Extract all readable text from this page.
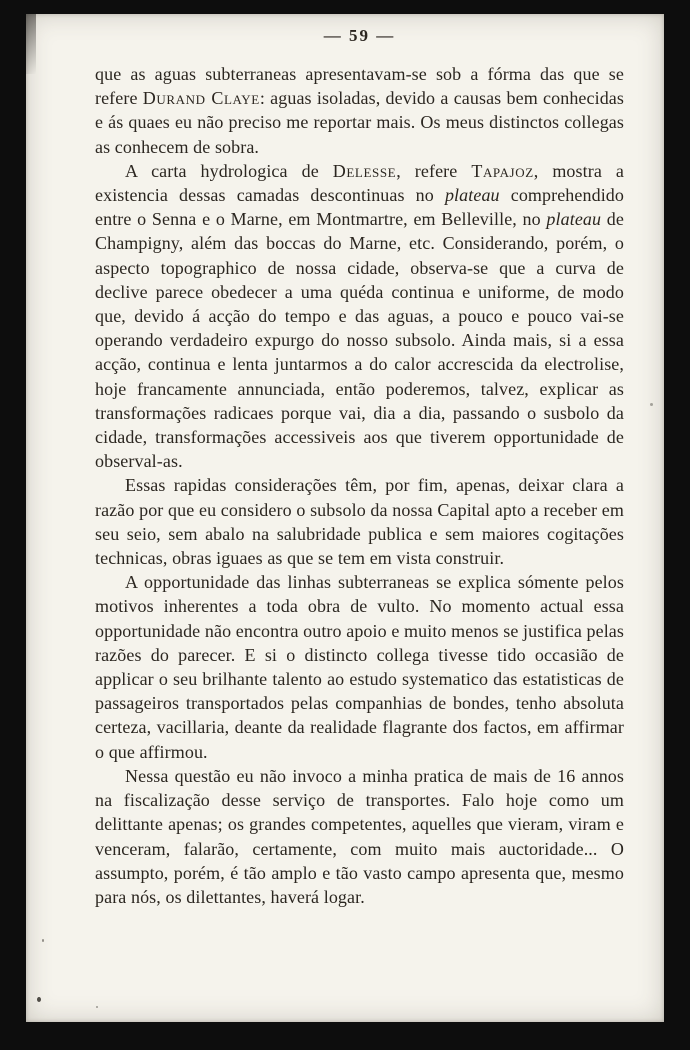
— 59 —

que as aguas subterraneas apresentavam-se sob a fórma das que se refere Durand Claye: aguas isoladas, devido a causas bem conhecidas e ás quaes eu não preciso me reportar mais. Os meus distinctos collegas as conhecem de sobra.

A carta hydrologica de Delesse, refere Tapajoz, mostra a existencia dessas camadas descontinuas no plateau comprehendido entre o Senna e o Marne, em Montmartre, em Belleville, no plateau de Champigny, além das boccas do Marne, etc. Considerando, porém, o aspecto topographico de nossa cidade, observa-se que a curva de declive parece obedecer a uma quéda continua e uniforme, de modo que, devido á acção do tempo e das aguas, a pouco e pouco vai-se operando verdadeiro expurgo do nosso subsolo. Ainda mais, si a essa acção, continua e lenta juntarmos a do calor accrescida da electrolise, hoje francamente annunciada, então poderemos, talvez, explicar as transformações radicaes porque vai, dia a dia, passando o susbolo da cidade, transformações accessiveis aos que tiverem opportunidade de observal-as.

Essas rapidas considerações têm, por fim, apenas, deixar clara a razão por que eu considero o subsolo da nossa Capital apto a receber em seu seio, sem abalo na salubridade publica e sem maiores cogitações technicas, obras iguaes as que se tem em vista construir.

A opportunidade das linhas subterraneas se explica sómente pelos motivos inherentes a toda obra de vulto. No momento actual essa opportunidade não encontra outro apoio e muito menos se justifica pelas razões do parecer. E si o distincto collega tivesse tido occasião de applicar o seu brilhante talento ao estudo systematico das estatisticas de passageiros transportados pelas companhias de bondes, tenho absoluta certeza, vacillaria, deante da realidade flagrante dos factos, em affirmar o que affirmou.

Nessa questão eu não invoco a minha pratica de mais de 16 annos na fiscalização desse serviço de transportes. Falo hoje como um delittante apenas; os grandes competentes, aquelles que vieram, viram e venceram, falarão, certamente, com muito mais auctoridade... O assumpto, porém, é tão amplo e tão vasto campo apresenta que, mesmo para nós, os dilettantes, haverá logar.
